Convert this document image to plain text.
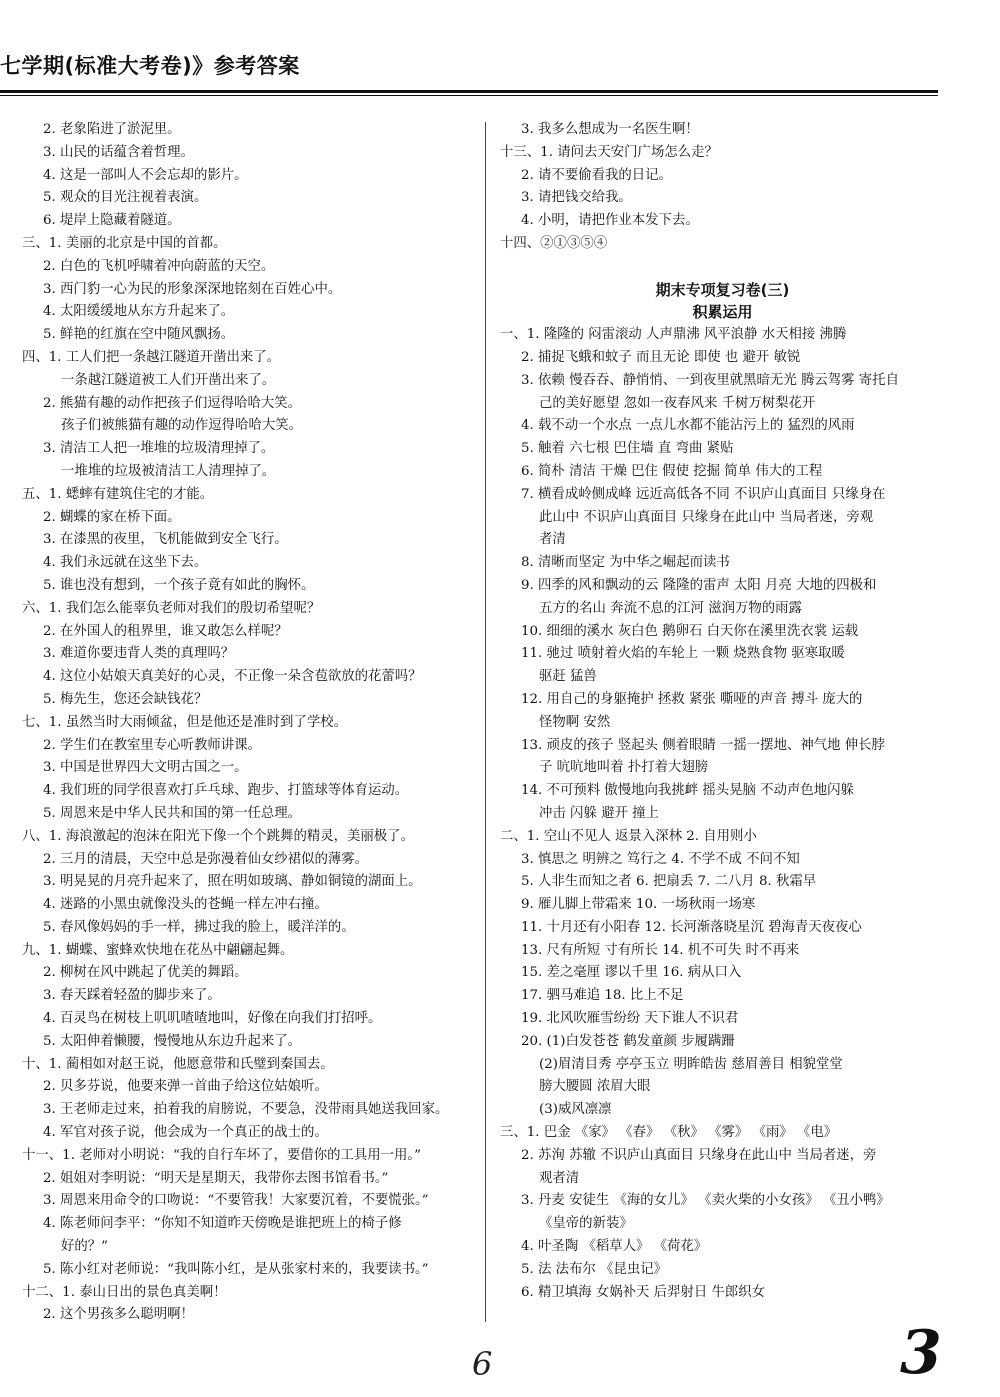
七学期(标准大考卷)》参考答案
2. 老象陷进了淤泥里。
3. 山民的话蕴含着哲理。
4. 这是一部叫人不会忘却的影片。
5. 观众的目光注视着表演。
6. 堤岸上隐藏着隧道。
三、1. 美丽的北京是中国的首都。
2. 白色的飞机呼啸着冲向蔚蓝的天空。
3. 西门豹一心为民的形象深深地铭刻在百姓心中。
4. 太阳缓缓地从东方升起来了。
5. 鲜艳的红旗在空中随风飘扬。
四、1. 工人们把一条越江隧道开凿出来了。
一条越江隧道被工人们开凿出来了。
2. 熊猫有趣的动作把孩子们逗得哈哈大笑。
孩子们被熊猫有趣的动作逗得哈哈大笑。
3. 清洁工人把一堆堆的垃圾清理掉了。
一堆堆的垃圾被清洁工人清理掉了。
五、1. 蟋蟀有建筑住宅的才能。
2. 蝴蝶的家在桥下面。
3. 在漆黑的夜里，飞机能做到安全飞行。
4. 我们永远就在这坐下去。
5. 谁也没有想到，一个孩子竟有如此的胸怀。
六、1. 我们怎么能辜负老师对我们的殷切希望呢？
2. 在外国人的租界里，谁又敢怎么样呢？
3. 难道你要违背人类的真理吗？
4. 这位小姑娘天真美好的心灵，不正像一朵含苞欲放的花蕾吗？
5. 梅先生，您还会缺钱花？
七、1. 虽然当时大雨倾盆，但是他还是准时到了学校。
2. 学生们在教室里专心听教师讲课。
3. 中国是世界四大文明古国之一。
4. 我们班的同学很喜欢打乒乓球、跑步、打篮球等体育运动。
5. 周恩来是中华人民共和国的第一任总理。
八、1. 海浪激起的泡沫在阳光下像一个个跳舞的精灵，美丽极了。
2. 三月的清晨，天空中总是弥漫着仙女纱裙似的薄雾。
3. 明晃晃的月亮升起来了，照在明如玻璃、静如铜镜的湖面上。
4. 迷路的小黑虫就像没头的苍蝇一样左冲右撞。
5. 春风像妈妈的手一样，拂过我的脸上，暖洋洋的。
九、1. 蝴蝶、蜜蜂欢快地在花丛中翩翩起舞。
2. 柳树在风中跳起了优美的舞蹈。
3. 春天踩着轻盈的脚步来了。
4. 百灵鸟在树枝上叽叽喳喳地叫，好像在向我们打招呼。
5. 太阳伸着懒腰，慢慢地从东边升起来了。
十、1. 蔺相如对赵王说，他愿意带和氏璧到秦国去。
2. 贝多芬说，他要来弹一首曲子给这位姑娘听。
3. 王老师走过来，拍着我的肩膀说，不要急，没带雨具她送我回家。
4. 军官对孩子说，他会成为一个真正的战士的。
十一、1. 老师对小明说：“我的自行车坏了，要借你的工具用一用。”
2. 姐姐对李明说：“明天是星期天，我带你去图书馆看书。”
3. 周恩来用命令的口吻说：“不要管我！大家要沉着，不要慌张。”
4. 陈老师问李平：“你知不知道昨天傍晚是谁把班上的椅子修
好的？”
5. 陈小红对老师说：“我叫陈小红，是从张家村来的，我要读书。”
十二、1. 泰山日出的景色真美啊！
2. 这个男孩多么聪明啊！
3. 我多么想成为一名医生啊！
十三、1. 请问去天安门广场怎么走？
2. 请不要偷看我的日记。
3. 请把钱交给我。
4. 小明，请把作业本发下去。
十四、②①③⑤④
期末专项复习卷(三)
积累运用
一、1. 隆隆的 闷雷滚动 人声鼎沸 风平浪静 水天相接 沸腾
2. 捕捉飞蛾和蚊子 而且无论 即使 也 避开 敏锐
3. 依赖 慢吞吞、静悄悄、一到夜里就黑暗无光 腾云驾雾 寄托自
己的美好愿望 忽如一夜春风来 千树万树梨花开
4. 载不动一个水点 一点儿水都不能沾污上的 猛烈的风雨
5. 触着 六七根 巴住墙 直 弯曲 紧贴
6. 简朴 清洁 干燥 巴住 假使 挖掘 简单 伟大的工程
7. 横看成岭侧成峰 远近高低各不同 不识庐山真面目 只缘身在
此山中 不识庐山真面目 只缘身在此山中 当局者迷，旁观
者清
8. 清晰而坚定 为中华之崛起而读书
9. 四季的风和飘动的云 隆隆的雷声 太阳 月亮 大地的四极和
五方的名山 奔流不息的江河 滋润万物的雨露
10. 细细的溪水 灰白色 鹅卵石 白天你在溪里洗衣裳 运载
11. 驰过 喷射着火焰的车轮上 一颗 烧熟食物 驱寒取暖
驱赶 猛兽
12. 用自己的身躯掩护 拯救 紧张 嘶哑的声音 搏斗 庞大的
怪物啊 安然
13. 顽皮的孩子 竖起头 侧着眼睛 一摇一摆地、神气地 伸长脖
子 吭吭地叫着 扑打着大翅膀
14. 不可预料 傲慢地向我挑衅 摇头晃脑 不动声色地闪躲
冲击 闪躲 避开 撞上
二、1. 空山不见人 返景入深林 2. 自用则小
3. 慎思之 明辨之 笃行之 4. 不学不成 不问不知
5. 人非生而知之者 6. 把扇丢 7. 二八月 8. 秋霜早
9. 雁儿脚上带霜来 10. 一场秋雨一场寒
11. 十月还有小阳春 12. 长河渐落晓星沉 碧海青天夜夜心
13. 尺有所短 寸有所长 14. 机不可失 时不再来
15. 差之毫厘 谬以千里 16. 病从口入
17. 驷马难追 18. 比上不足
19. 北风吹雁雪纷纷 天下谁人不识君
20. (1)白发苍苍 鹤发童颜 步履蹒跚
(2)眉清目秀 亭亭玉立 明眸皓齿 慈眉善目 相貌堂堂
膀大腰圆 浓眉大眼
(3)威风凛凛
三、1. 巴金 《家》 《春》 《秋》 《雾》 《雨》 《电》
2. 苏洵 苏辙 不识庐山真面目 只缘身在此山中 当局者迷，旁
观者清
3. 丹麦 安徒生 《海的女儿》 《卖火柴的小女孩》 《丑小鸭》
《皇帝的新装》
4. 叶圣陶 《稻草人》 《荷花》
5. 法 法布尔 《昆虫记》
6. 精卫填海 女娲补天 后羿射日 牛郎织女
6	3
